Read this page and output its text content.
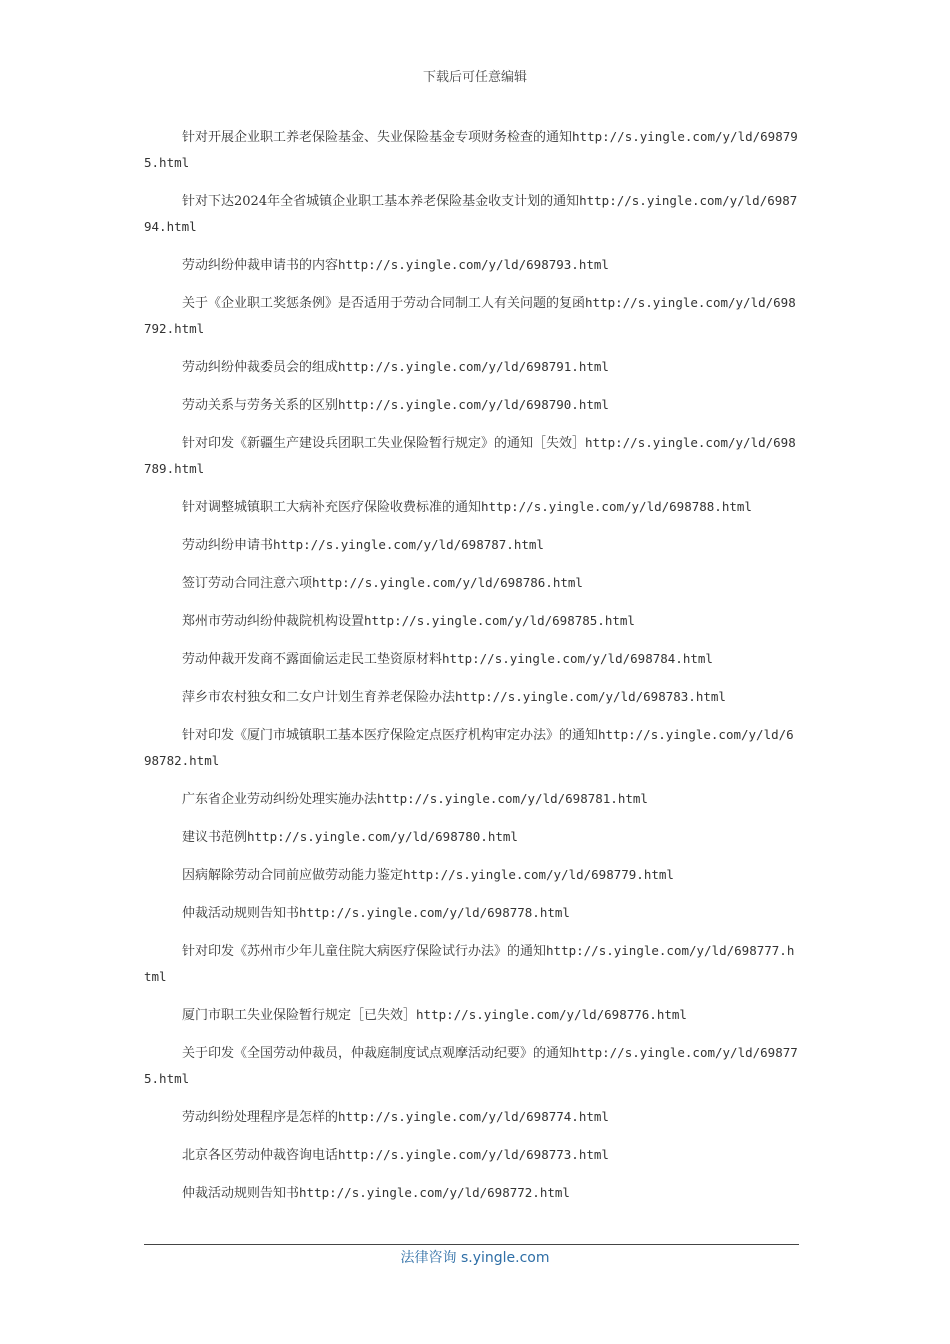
下载后可任意编辑

针对开展企业职工养老保险基金、失业保险基金专项财务检查的通知http://s.yingle.com/y/ld/698795.html

针对下达2024年全省城镇企业职工基本养老保险基金收支计划的通知http://s.yingle.com/y/ld/698794.html

劳动纠纷仲裁申请书的内容http://s.yingle.com/y/ld/698793.html

关于《企业职工奖惩条例》是否适用于劳动合同制工人有关问题的复函http://s.yingle.com/y/ld/698792.html

劳动纠纷仲裁委员会的组成http://s.yingle.com/y/ld/698791.html

劳动关系与劳务关系的区别http://s.yingle.com/y/ld/698790.html

针对印发《新疆生产建设兵团职工失业保险暂行规定》的通知［失效］http://s.yingle.com/y/ld/698789.html

针对调整城镇职工大病补充医疗保险收费标准的通知http://s.yingle.com/y/ld/698788.html

劳动纠纷申请书http://s.yingle.com/y/ld/698787.html

签订劳动合同注意六项http://s.yingle.com/y/ld/698786.html

郑州市劳动纠纷仲裁院机构设置http://s.yingle.com/y/ld/698785.html

劳动仲裁开发商不露面偷运走民工垫资原材料http://s.yingle.com/y/ld/698784.html

萍乡市农村独女和二女户计划生育养老保险办法http://s.yingle.com/y/ld/698783.html

针对印发《厦门市城镇职工基本医疗保险定点医疗机构审定办法》的通知http://s.yingle.com/y/ld/698782.html

广东省企业劳动纠纷处理实施办法http://s.yingle.com/y/ld/698781.html

建议书范例http://s.yingle.com/y/ld/698780.html

因病解除劳动合同前应做劳动能力鉴定http://s.yingle.com/y/ld/698779.html

仲裁活动规则告知书http://s.yingle.com/y/ld/698778.html

针对印发《苏州市少年儿童住院大病医疗保险试行办法》的通知http://s.yingle.com/y/ld/698777.html

厦门市职工失业保险暂行规定［已失效］http://s.yingle.com/y/ld/698776.html

关于印发《全国劳动仲裁员，仲裁庭制度试点观摩活动纪要》的通知http://s.yingle.com/y/ld/698775.html

劳动纠纷处理程序是怎样的http://s.yingle.com/y/ld/698774.html

北京各区劳动仲裁咨询电话http://s.yingle.com/y/ld/698773.html

仲裁活动规则告知书http://s.yingle.com/y/ld/698772.html

法律咨询 s.yingle.com
